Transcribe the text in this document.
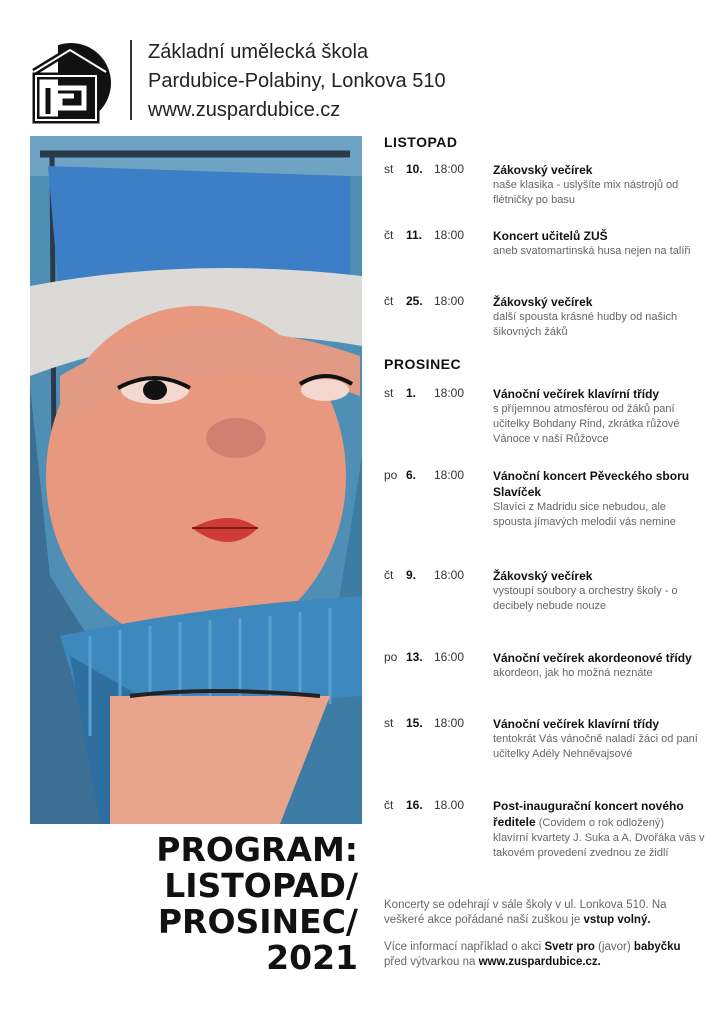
Základní umělecká škola
Pardubice-Polabiny, Lonkova 510
www.zuspardubice.cz
PROGRAM:
LISTOPAD/
PROSINEC/
2021
LISTOPAD
PROSINEC
st 10. 18:00 Zákovský večírek
naše klasika - uslyšíte mix nástrojů od flétničky po basu
čt 11. 18:00 Koncert učitelů ZUŠ
aneb svatomartinská husa nejen na talíři
čt 25. 18:00 Žákovský večírek
další spousta krásné hudby od našich šikovných žáků
st 1. 18:00 Vánoční večírek klavírní třídy
s příjemnou atmosférou od žáků paní učitelky Bohdany Rind, zkrátka růžové Vánoce v naší Růžovce
po 6. 18:00 Vánoční koncert Pěveckého sboru Slavíček
Slavíci z Madridu sice nebudou, ale spousta jímavých melodií vás nemine
čt 9. 18:00 Žákovský večírek
vystoupí soubory a orchestry školy - o decibely nebude nouze
po 13. 16:00 Vánoční večírek akordeonové třídy
akordeon, jak ho možná neznáte
st 15. 18:00 Vánoční večírek klavírní třídy
tentokrát Vás vánočně naladí žáci od paní učitelky Adély Nehněvajsové
čt 16. 18.00 Post-inaugurační koncert nového ředitele (Covidem o rok odložený)
klavírní kvartety J. Suka a A. Dvořáka vás v takovém provedení zvednou ze židlí
Koncerty se odehrají v sále školy v ul. Lonkova 510. Na veškeré akce pořádané naší zuškou je vstup volný.
Více informací například o akci Svetr pro (javor) babyčku před výtvarkou na www.zuspardubice.cz.
